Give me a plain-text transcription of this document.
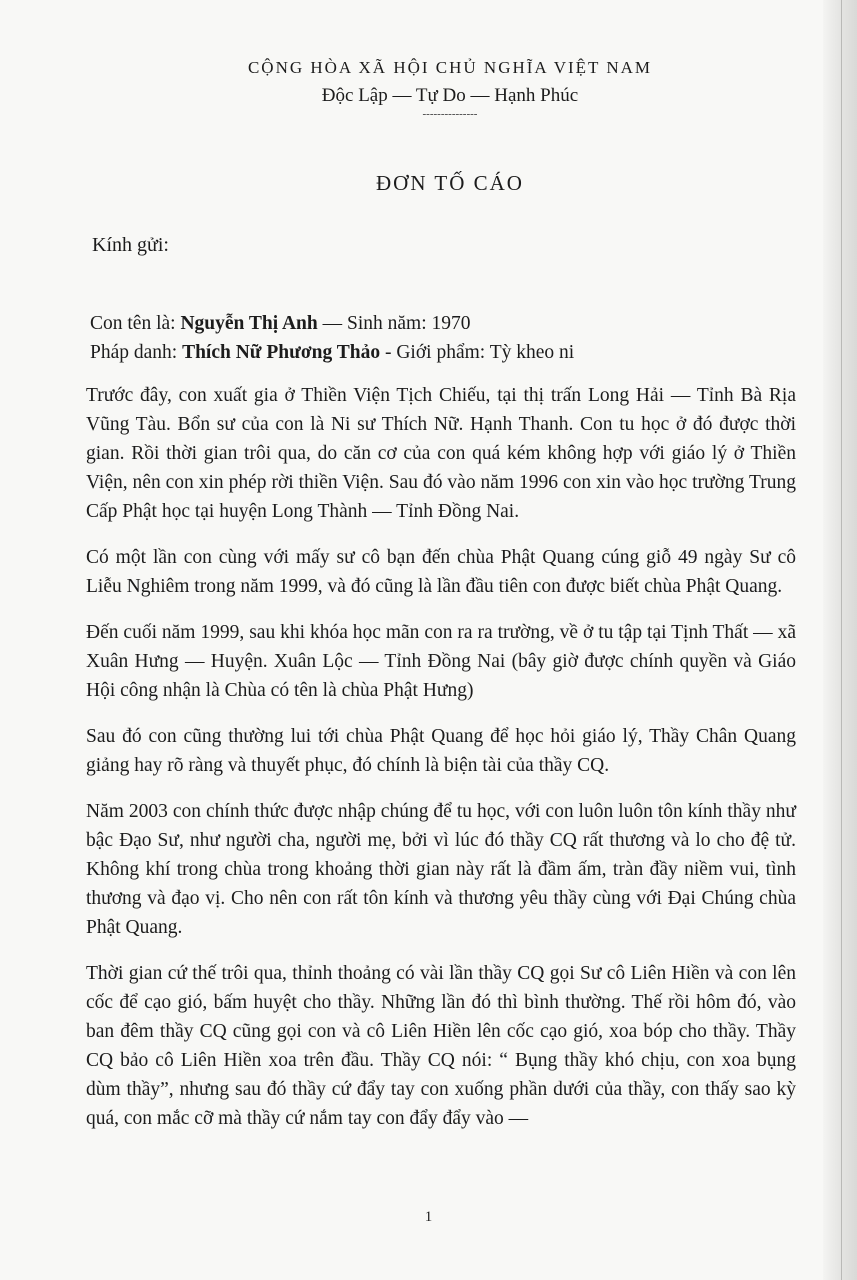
CỘNG HÒA XÃ HỘI CHỦ NGHĨA VIỆT NAM

Độc Lập — Tự Do — Hạnh Phúc

---------------

ĐƠN TỐ CÁO

Kính gửi:

Con tên là: Nguyễn Thị Anh — Sinh năm: 1970
Pháp danh: Thích Nữ Phương Thảo - Giới phẩm: Tỳ kheo ni

Trước đây, con xuất gia ở Thiền Viện Tịch Chiếu, tại thị trấn Long Hải — Tỉnh Bà Rịa Vũng Tàu. Bổn sư của con là Ni sư Thích Nữ. Hạnh Thanh. Con tu học ở đó được thời gian. Rồi thời gian trôi qua, do căn cơ của con quá kém không hợp với giáo lý ở Thiền Viện, nên con xin phép rời thiền Viện. Sau đó vào năm 1996 con xin vào học trường Trung Cấp Phật học tại huyện Long Thành — Tỉnh Đồng Nai.

Có một lần con cùng với mấy sư cô bạn đến chùa Phật Quang cúng giỗ 49 ngày Sư cô Liễu Nghiêm trong năm 1999, và đó cũng là lần đầu tiên con được biết chùa Phật Quang.

Đến cuối năm 1999, sau khi khóa học mãn con ra ra trường, về ở tu tập tại Tịnh Thất — xã Xuân Hưng — Huyện. Xuân Lộc — Tỉnh Đồng Nai (bây giờ được chính quyền và Giáo Hội công nhận là Chùa có tên là chùa Phật Hưng)

Sau đó con cũng thường lui tới chùa Phật Quang để học hỏi giáo lý, Thầy Chân Quang giảng hay rõ ràng và thuyết phục, đó chính là biện tài của thầy CQ.

Năm 2003 con chính thức được nhập chúng để tu học, với con luôn luôn tôn kính thầy như bậc Đạo Sư, như người cha, người mẹ, bởi vì lúc đó thầy CQ rất thương và lo cho đệ tử. Không khí trong chùa trong khoảng thời gian này rất là đầm ấm, tràn đầy niềm vui, tình thương và đạo vị. Cho nên con rất tôn kính và thương yêu thầy cùng với Đại Chúng chùa Phật Quang.

Thời gian cứ thế trôi qua, thỉnh thoảng có vài lần thầy CQ gọi Sư cô Liên Hiền và con lên cốc để cạo gió, bấm huyệt cho thầy. Những lần đó thì bình thường. Thế rồi hôm đó, vào ban đêm thầy CQ cũng gọi con và cô Liên Hiền lên cốc cạo gió, xoa bóp cho thầy. Thầy CQ bảo cô Liên Hiền xoa trên đầu. Thầy CQ nói: “ Bụng thầy khó chịu, con xoa bụng dùm thầy”, nhưng sau đó thầy cứ đẩy tay con xuống phần dưới của thầy, con thấy sao kỳ quá, con mắc cỡ mà thầy cứ nắm tay con đẩy đẩy vào —

1
